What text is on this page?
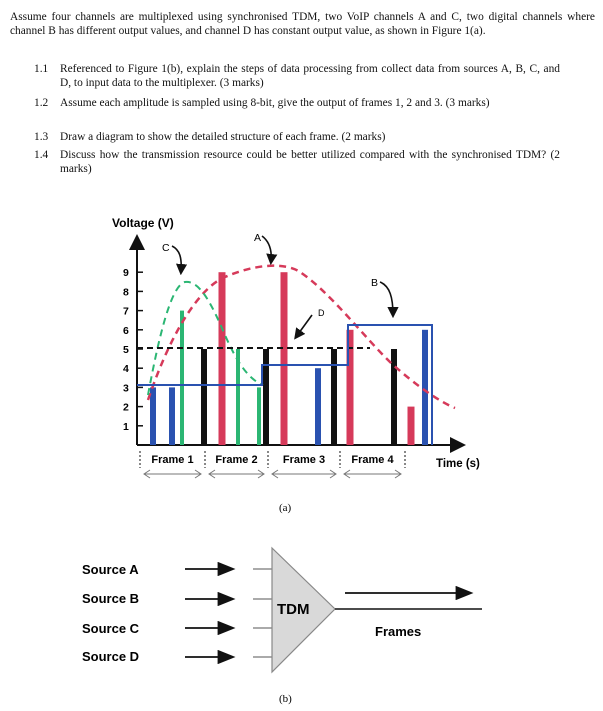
Assume four channels are multiplexed using synchronised TDM, two VoIP channels A and C, two digital channels where channel B has different output values, and channel D has constant output value, as shown in Figure 1(a).
1.1 Referenced to Figure 1(b), explain the steps of data processing from collect data from sources A, B, C, and D, to input data to the multiplexer. (3 marks)
1.2 Assume each amplitude is sampled using 8-bit, give the output of frames 1, 2 and 3. (3 marks)
1.3 Draw a diagram to show the detailed structure of each frame. (2 marks)
1.4 Discuss how the transmission resource could be better utilized compared with the synchronised TDM? (2 marks)
Voltage (V)
Time (s)
9
8
7
6
5
4
3
2
1
C
A
B
D
Frame 1 Frame 2 Frame 3 Frame 4
(a)
Source A
Source B
Source C
Source D
TDM
Frames
(b)
